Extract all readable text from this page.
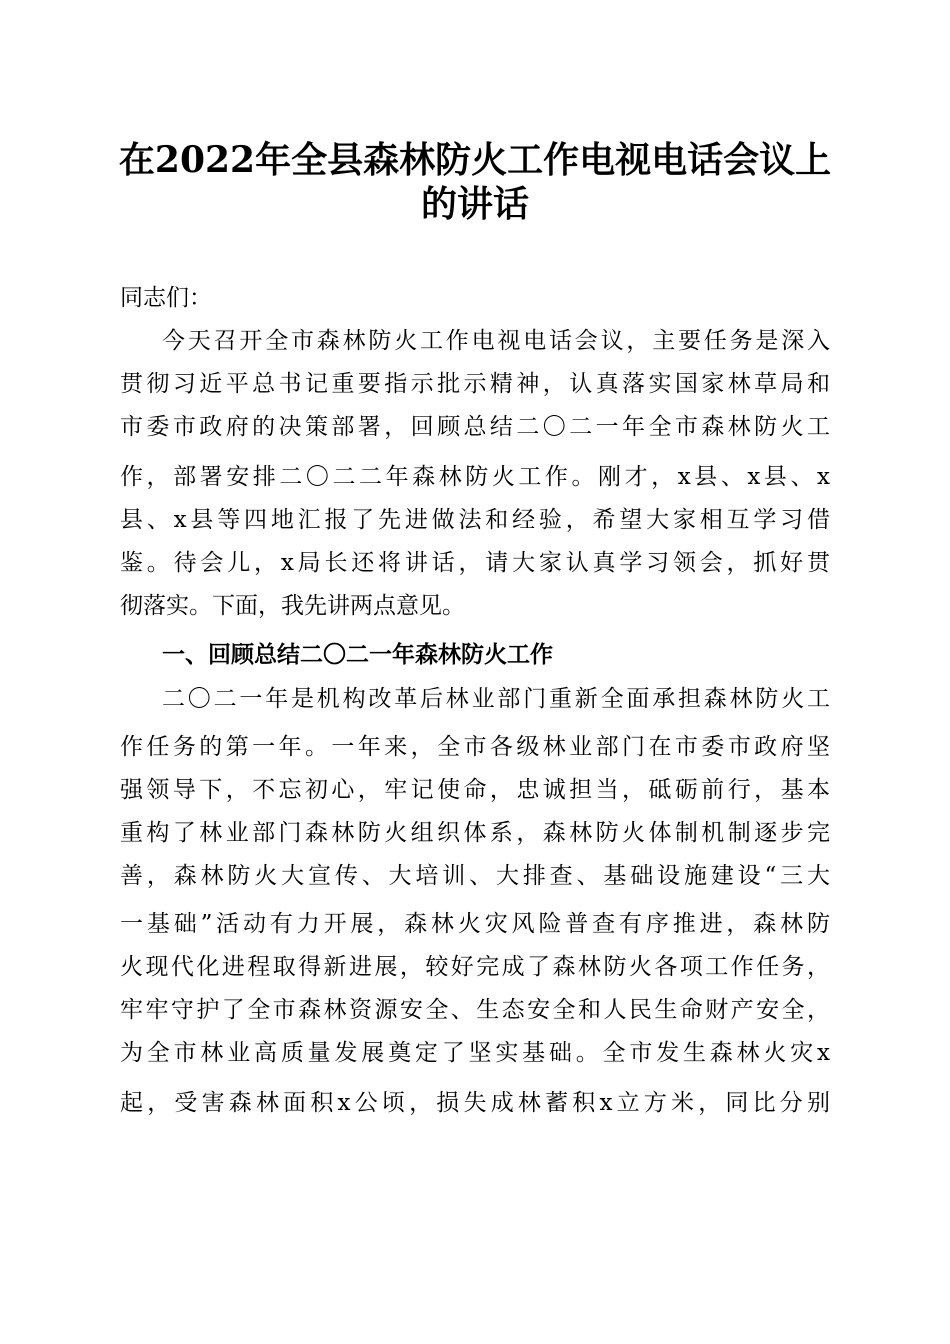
在2022年全县森林防火工作电视电话会议上
的讲话
同志们：
今天召开全市森林防火工作电视电话会议，主要任务是深入
贯彻习近平总书记重要指示批示精神，认真落实国家林草局和
市委市政府的决策部署，回顾总结二〇二一年全市森林防火工
作，部署安排二〇二二年森林防火工作。刚才，x县、x县、x
县、x县等四地汇报了先进做法和经验，希望大家相互学习借
鉴。待会儿，x局长还将讲话，请大家认真学习领会，抓好贯
彻落实。下面，我先讲两点意见。
一、回顾总结二〇二一年森林防火工作
二〇二一年是机构改革后林业部门重新全面承担森林防火工
作任务的第一年。一年来，全市各级林业部门在市委市政府坚
强领导下，不忘初心，牢记使命，忠诚担当，砥砺前行，基本
重构了林业部门森林防火组织体系，森林防火体制机制逐步完
善，森林防火大宣传、大培训、大排查、基础设施建设“三大
一基础”活动有力开展，森林火灾风险普查有序推进，森林防
火现代化进程取得新进展，较好完成了森林防火各项工作任务，
牢牢守护了全市森林资源安全、生态安全和人民生命财产安全，
为全市林业高质量发展奠定了坚实基础。全市发生森林火灾x
起，受害森林面积x公顷，损失成林蓄积x立方米，同比分别
